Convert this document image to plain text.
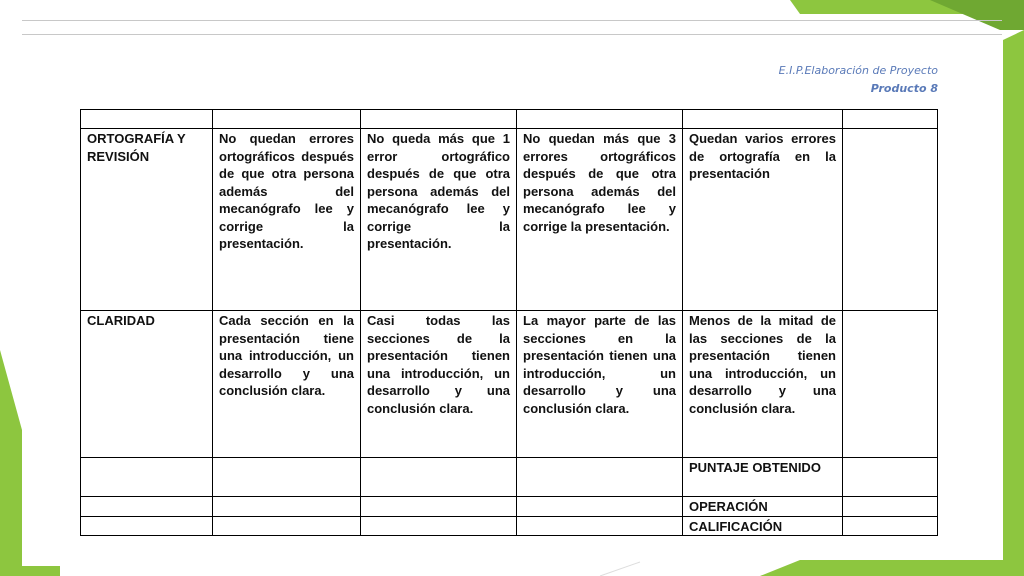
E.I.P.Elaboración de Proyecto
Producto 8

ORTOGRAFÍA Y REVISIÓN	No quedan errores ortográficos después de que otra persona además del mecanógrafo lee y corrige la presentación.	No queda más que 1 error ortográfico después de que otra persona además del mecanógrafo lee y corrige la presentación.	No quedan más que 3 errores ortográficos después de que otra persona además del mecanógrafo lee y corrige la presentación.	Quedan varios errores de ortografía en la presentación	
CLARIDAD	Cada sección en la presentación tiene una introducción, un desarrollo y una conclusión clara.	Casi todas las secciones de la presentación tienen una introducción, un desarrollo y una conclusión clara.	La mayor parte de las secciones en la presentación tienen una introducción, un desarrollo y una conclusión clara.	Menos de la mitad de las secciones de la presentación tienen una introducción, un desarrollo y una conclusión clara.	
				PUNTAJE OBTENIDO	
				OPERACIÓN	
				CALIFICACIÓN	
